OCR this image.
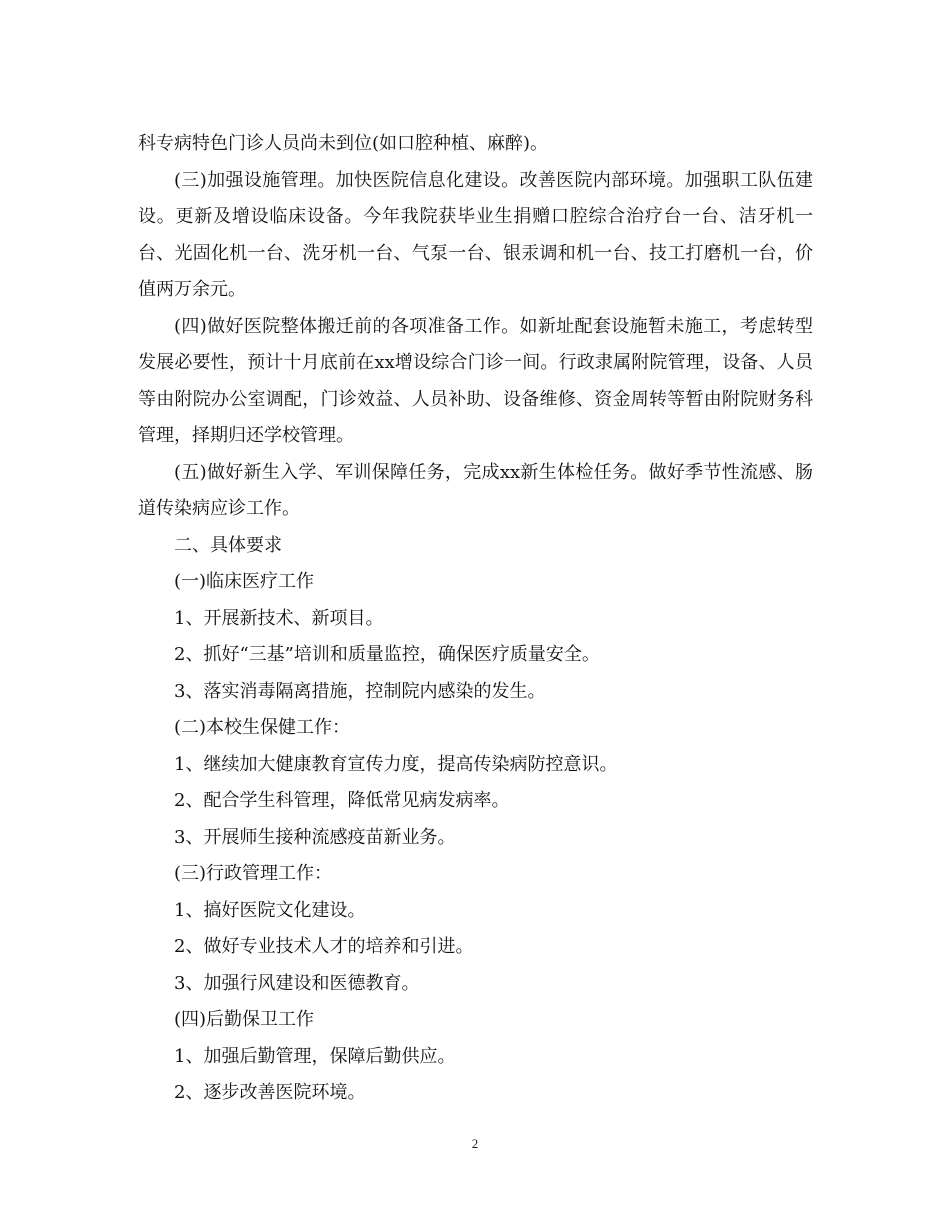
科专病特色门诊人员尚未到位(如口腔种植、麻醉)。

(三)加强设施管理。加快医院信息化建设。改善医院内部环境。加强职工队伍建设。更新及增设临床设备。今年我院获毕业生捐赠口腔综合治疗台一台、洁牙机一台、光固化机一台、洗牙机一台、气泵一台、银汞调和机一台、技工打磨机一台，价值两万余元。

(四)做好医院整体搬迁前的各项准备工作。如新址配套设施暂未施工，考虑转型发展必要性，预计十月底前在xx增设综合门诊一间。行政隶属附院管理，设备、人员等由附院办公室调配，门诊效益、人员补助、设备维修、资金周转等暂由附院财务科管理，择期归还学校管理。

(五)做好新生入学、军训保障任务，完成xx新生体检任务。做好季节性流感、肠道传染病应诊工作。

二、具体要求

(一)临床医疗工作

1、开展新技术、新项目。

2、抓好“三基”培训和质量监控，确保医疗质量安全。

3、落实消毒隔离措施，控制院内感染的发生。

(二)本校生保健工作：

1、继续加大健康教育宣传力度，提高传染病防控意识。

2、配合学生科管理，降低常见病发病率。

3、开展师生接种流感疫苗新业务。

(三)行政管理工作：

1、搞好医院文化建设。

2、做好专业技术人才的培养和引进。

3、加强行风建设和医德教育。

(四)后勤保卫工作

1、加强后勤管理，保障后勤供应。

2、逐步改善医院环境。

2
